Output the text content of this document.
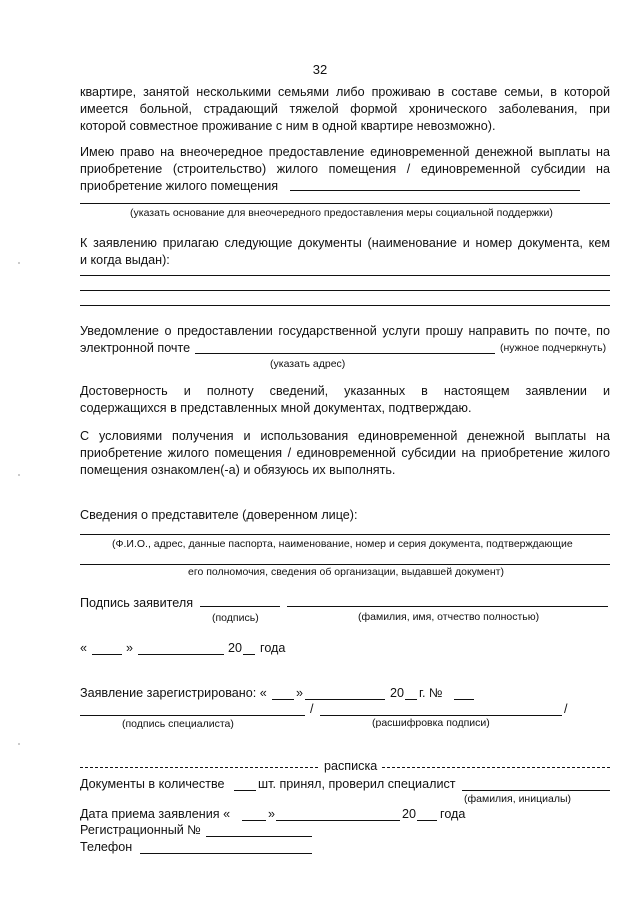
32

квартире, занятой несколькими семьями либо проживаю в составе семьи, в которой
имеется больной, страдающий тяжелой формой хронического заболевания, при
которой совместное проживание с ним в одной квартире невозможно).

Имею право на внеочередное предоставление единовременной денежной выплаты на
приобретение (строительство) жилого помещения / единовременной субсидии на
приобретение жилого помещения

(указать основание для внеочередного предоставления меры социальной поддержки)

К заявлению прилагаю следующие документы (наименование и номер документа, кем
и когда выдан):

Уведомление о предоставлении государственной услуги прошу направить по почте, по
электронной почте	(нужное подчеркнуть)
(указать адрес)

Достоверность и полноту сведений, указанных в настоящем заявлении и
содержащихся в представленных мной документах, подтверждаю.

С условиями получения и использования единовременной денежной выплаты на
приобретение жилого помещения / единовременной субсидии на приобретение жилого
помещения ознакомлен(-а) и обязуюсь их выполнять.

Сведения о представителе (доверенном лице):
(Ф.И.О., адрес, данные паспорта, наименование, номер и серия документа, подтверждающие
его полномочия, сведения об организации, выдавшей документ)
Подпись заявителя
(подпись)	(фамилия, имя, отчество полностью)
«	»	20 года
Заявление зарегистрировано: « »	20 г. №
/	/
(подпись специалиста)	(расшифровка подписи)
расписка
Документы в количестве	шт. принял, проверил специалист
(фамилия, инициалы)
Дата приема заявления «	»	20 года
Регистрационный №
Телефон
